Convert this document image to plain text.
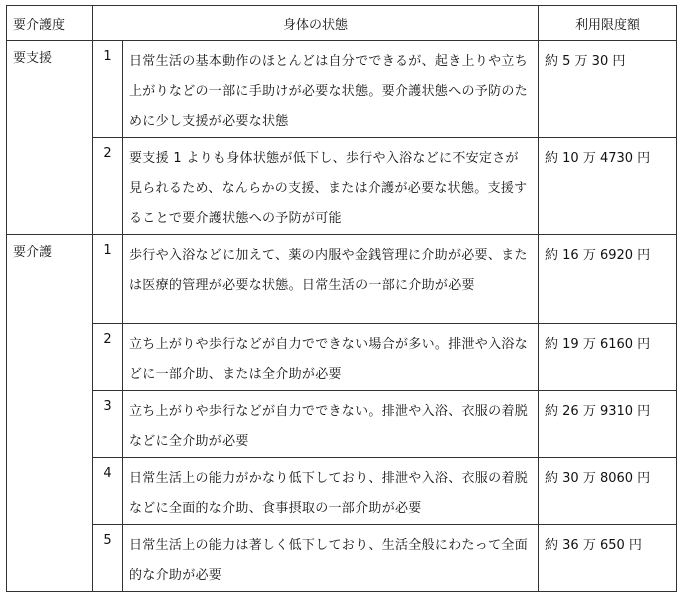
要介護度	身体の状態		利用限度額
要支援	1	日常生活の基本動作のほとんどは自分でできるが、起き上りや立ち上がりなどの一部に手助けが必要な状態。要介護状態への予防のために少し支援が必要な状態	約 5 万 30 円
	2	要支援 1 よりも身体状態が低下し、歩行や入浴などに不安定さが見られるため、なんらかの支援、または介護が必要な状態。支援することで要介護状態への予防が可能	約 10 万 4730 円
要介護	1	歩行や入浴などに加えて、薬の内服や金銭管理に介助が必要、または医療的管理が必要な状態。日常生活の一部に介助が必要	約 16 万 6920 円
	2	立ち上がりや歩行などが自力でできない場合が多い。排泄や入浴などに一部介助、または全介助が必要	約 19 万 6160 円
	3	立ち上がりや歩行などが自力でできない。排泄や入浴、衣服の着脱などに全介助が必要	約 26 万 9310 円
	4	日常生活上の能力がかなり低下しており、排泄や入浴、衣服の着脱などに全面的な介助、食事摂取の一部介助が必要	約 30 万 8060 円
	5	日常生活上の能力は著しく低下しており、生活全般にわたって全面的な介助が必要	約 36 万 650 円
